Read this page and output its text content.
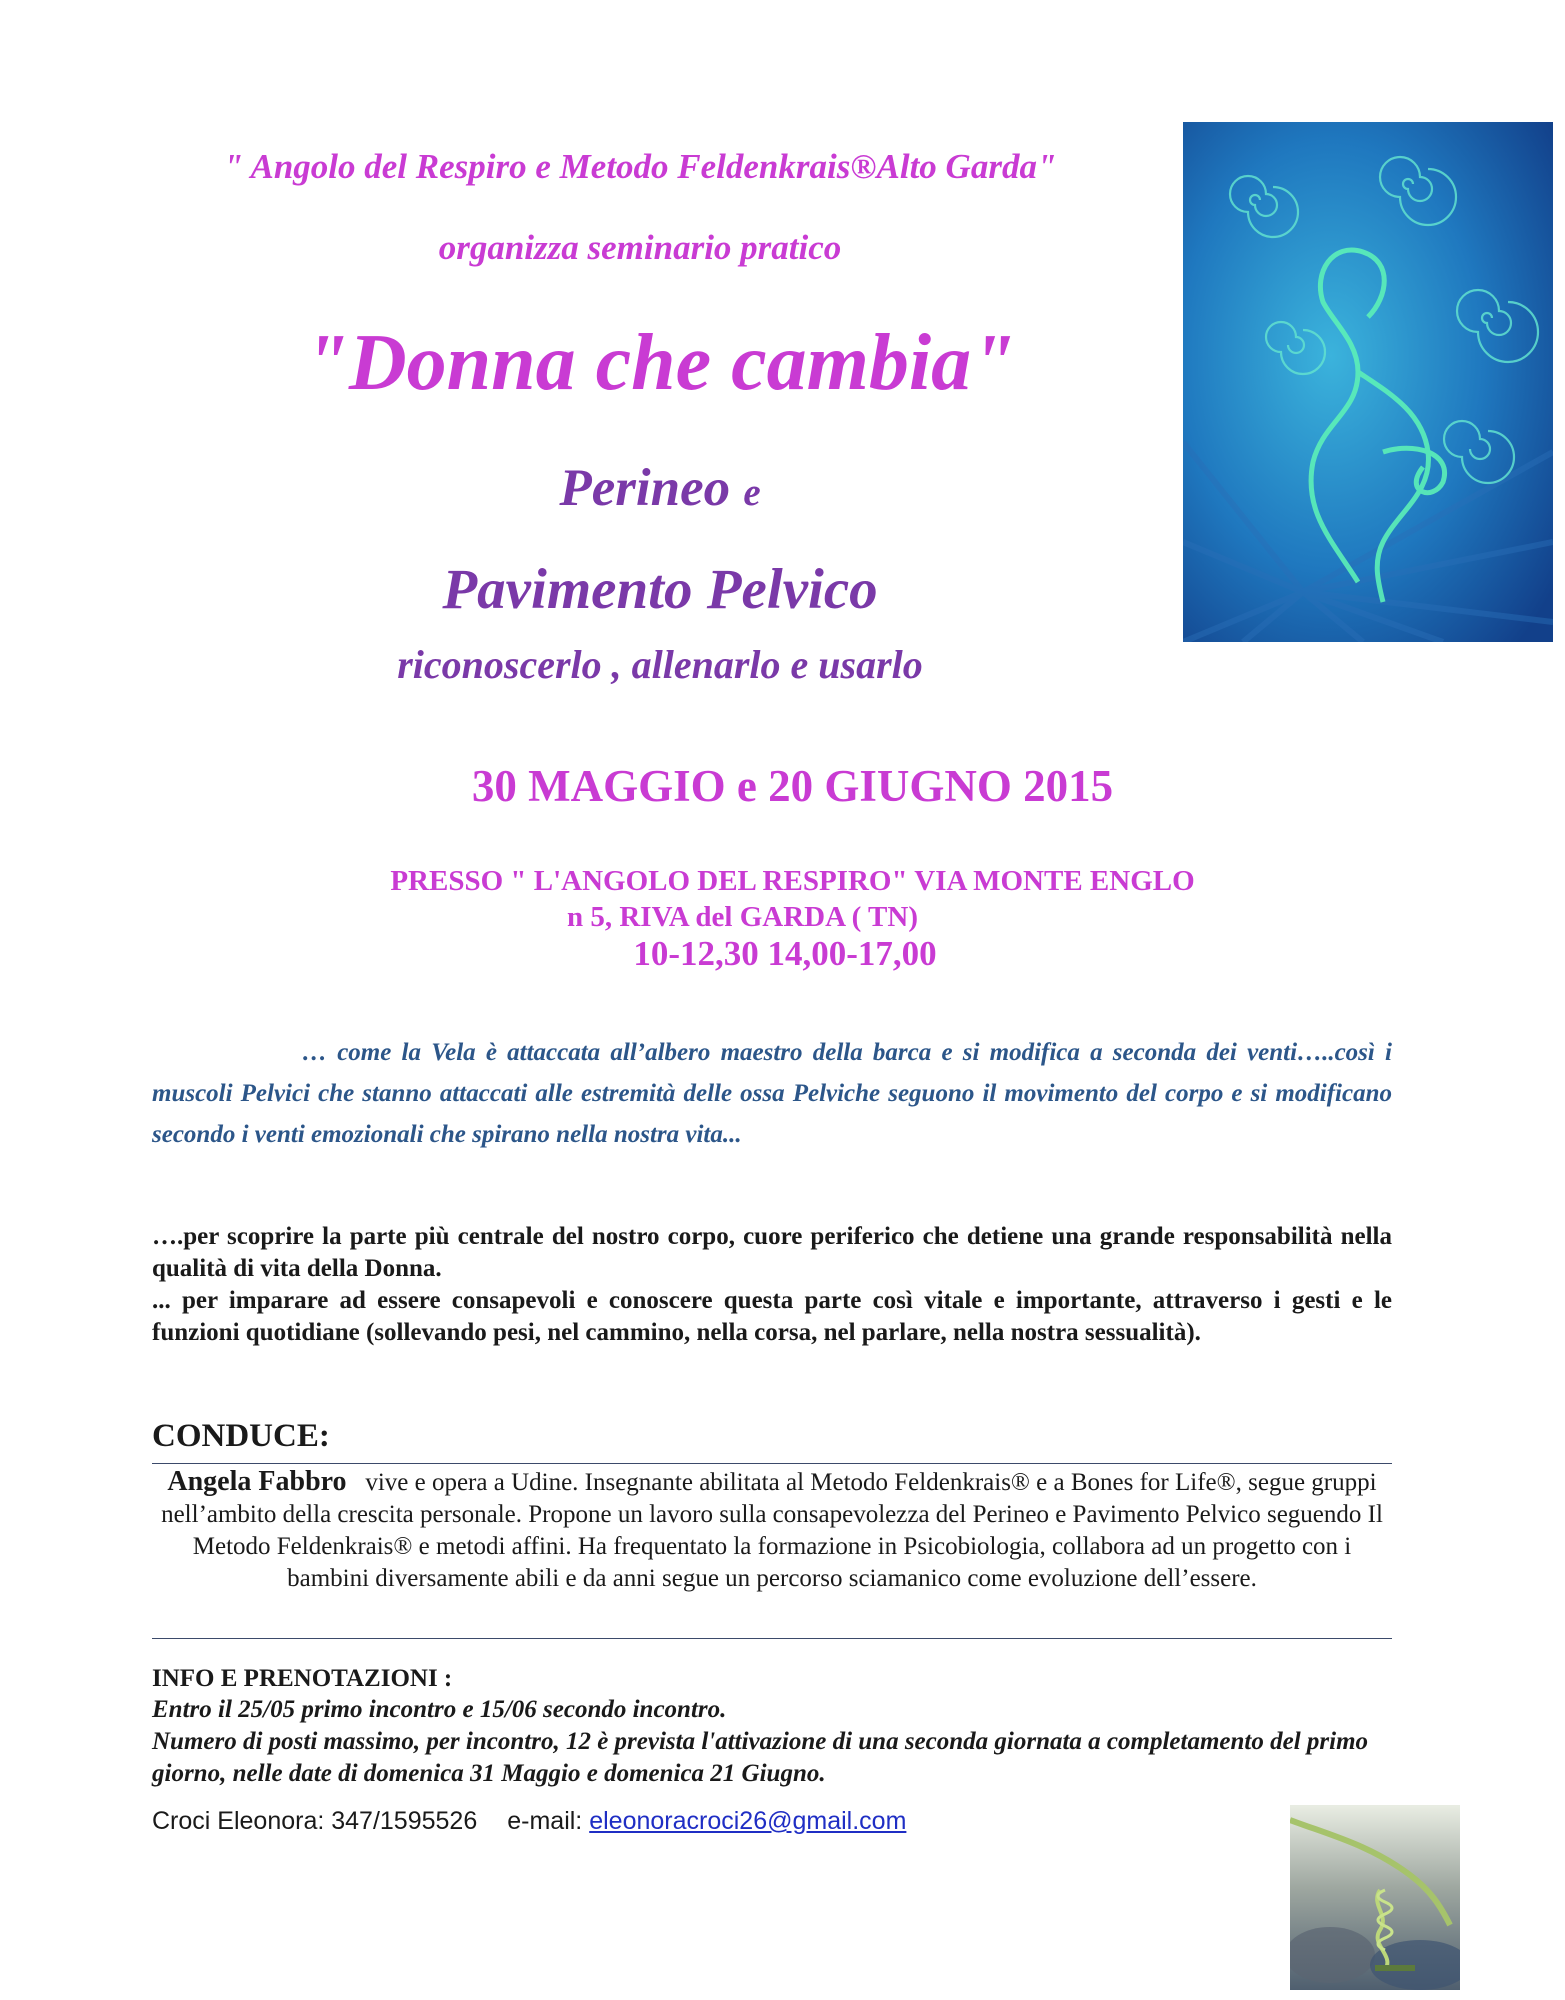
" Angolo del Respiro e Metodo Feldenkrais®Alto Garda"
organizza seminario pratico
"Donna che cambia"
Perineo e
Pavimento Pelvico
riconoscerlo , allenarlo e usarlo
30 MAGGIO e 20 GIUGNO 2015
PRESSO " L'ANGOLO DEL RESPIRO" VIA MONTE ENGLO
n 5, RIVA del GARDA ( TN)
10-12,30 14,00-17,00
… come la Vela è attaccata all’albero maestro della barca e si modifica a seconda dei venti…..così i muscoli Pelvici che stanno attaccati alle estremità delle ossa Pelviche seguono il movimento del corpo e si modificano secondo i venti emozionali che spirano nella nostra vita...
….per scoprire la parte più centrale del nostro corpo, cuore periferico che detiene una grande responsabilità nella qualità di vita della Donna.
... per imparare ad essere consapevoli e conoscere questa parte così vitale e importante, attraverso i gesti e le funzioni quotidiane (sollevando pesi, nel cammino, nella corsa, nel parlare, nella nostra sessualità).
CONDUCE:
Angela Fabbro vive e opera a Udine. Insegnante abilitata al Metodo Feldenkrais® e a Bones for Life®, segue gruppi nell’ambito della crescita personale. Propone un lavoro sulla consapevolezza del Perineo e Pavimento Pelvico seguendo Il Metodo Feldenkrais® e metodi affini. Ha frequentato la formazione in Psicobiologia, collabora ad un progetto con i bambini diversamente abili e da anni segue un percorso sciamanico come evoluzione dell’essere.
INFO E PRENOTAZIONI :
Entro il 25/05 primo incontro e 15/06 secondo incontro.
Numero di posti massimo, per incontro, 12 è prevista l'attivazione di una seconda giornata a completamento del primo giorno, nelle date di domenica 31 Maggio e domenica 21 Giugno.
Croci Eleonora: 347/1595526 e-mail: eleonoracroci26@gmail.com
